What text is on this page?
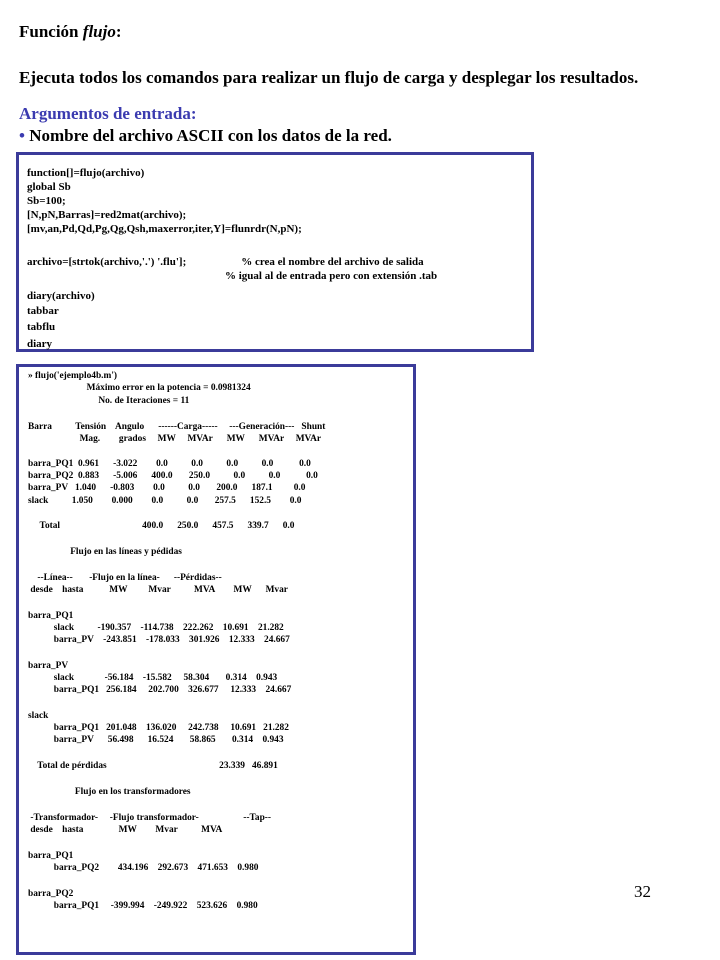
Función flujo:
Ejecuta todos los comandos para realizar un flujo de carga y desplegar los resultados.
Argumentos de entrada:
• Nombre del archivo ASCII con los datos de la red.
function[]=flujo(archivo)
global Sb
Sb=100;
[N,pN,Barras]=red2mat(archivo);
[mv,an,Pd,Qd,Pg,Qg,Qsh,maxerror,iter,Y]=flunrdr(N,pN);
archivo=[strtok(archivo,'.') '.flu'];                    % crea el nombre del archivo de salida
% igual al de entrada pero con extensión .tab
diary(archivo)
tabbar
tabflu
diary
» flujo('ejemplo4b.m')
Máximo error en la potencia = 0.0981324
No. de Iteraciones = 11
Barra          Tensión    Angulo      ------Carga-----     ---Generación---   Shunt
Mag.        grados     MW     MVAr      MW      MVAr     MVAr
barra_PQ1  0.961      -3.022        0.0          0.0          0.0          0.0           0.0
barra_PQ2  0.883      -5.006      400.0       250.0          0.0          0.0           0.0
barra_PV   1.040      -0.803        0.0          0.0       200.0      187.1         0.0
slack          1.050        0.000        0.0          0.0       257.5      152.5        0.0
Total                                   400.0      250.0      457.5      339.7      0.0
Flujo en las líneas y pédidas
--Línea--       -Flujo en la línea-      --Pérdidas--
desde    hasta           MW         Mvar          MVA        MW      Mvar
barra_PQ1
slack          -190.357    -114.738    222.262    10.691    21.282
barra_PV    -243.851    -178.033    301.926    12.333    24.667
barra_PV
slack             -56.184    -15.582     58.304       0.314    0.943
barra_PQ1   256.184     202.700    326.677     12.333    24.667
slack
barra_PQ1   201.048    136.020     242.738     10.691   21.282
barra_PV      56.498      16.524       58.865       0.314    0.943
Total de pérdidas                                                23.339   46.891
Flujo en los transformadores
-Transformador-     -Flujo transformador-                   --Tap--
desde    hasta               MW        Mvar          MVA
barra_PQ1
barra_PQ2        434.196    292.673    471.653    0.980
barra_PQ2
barra_PQ1     -399.994    -249.922    523.626    0.980
32
